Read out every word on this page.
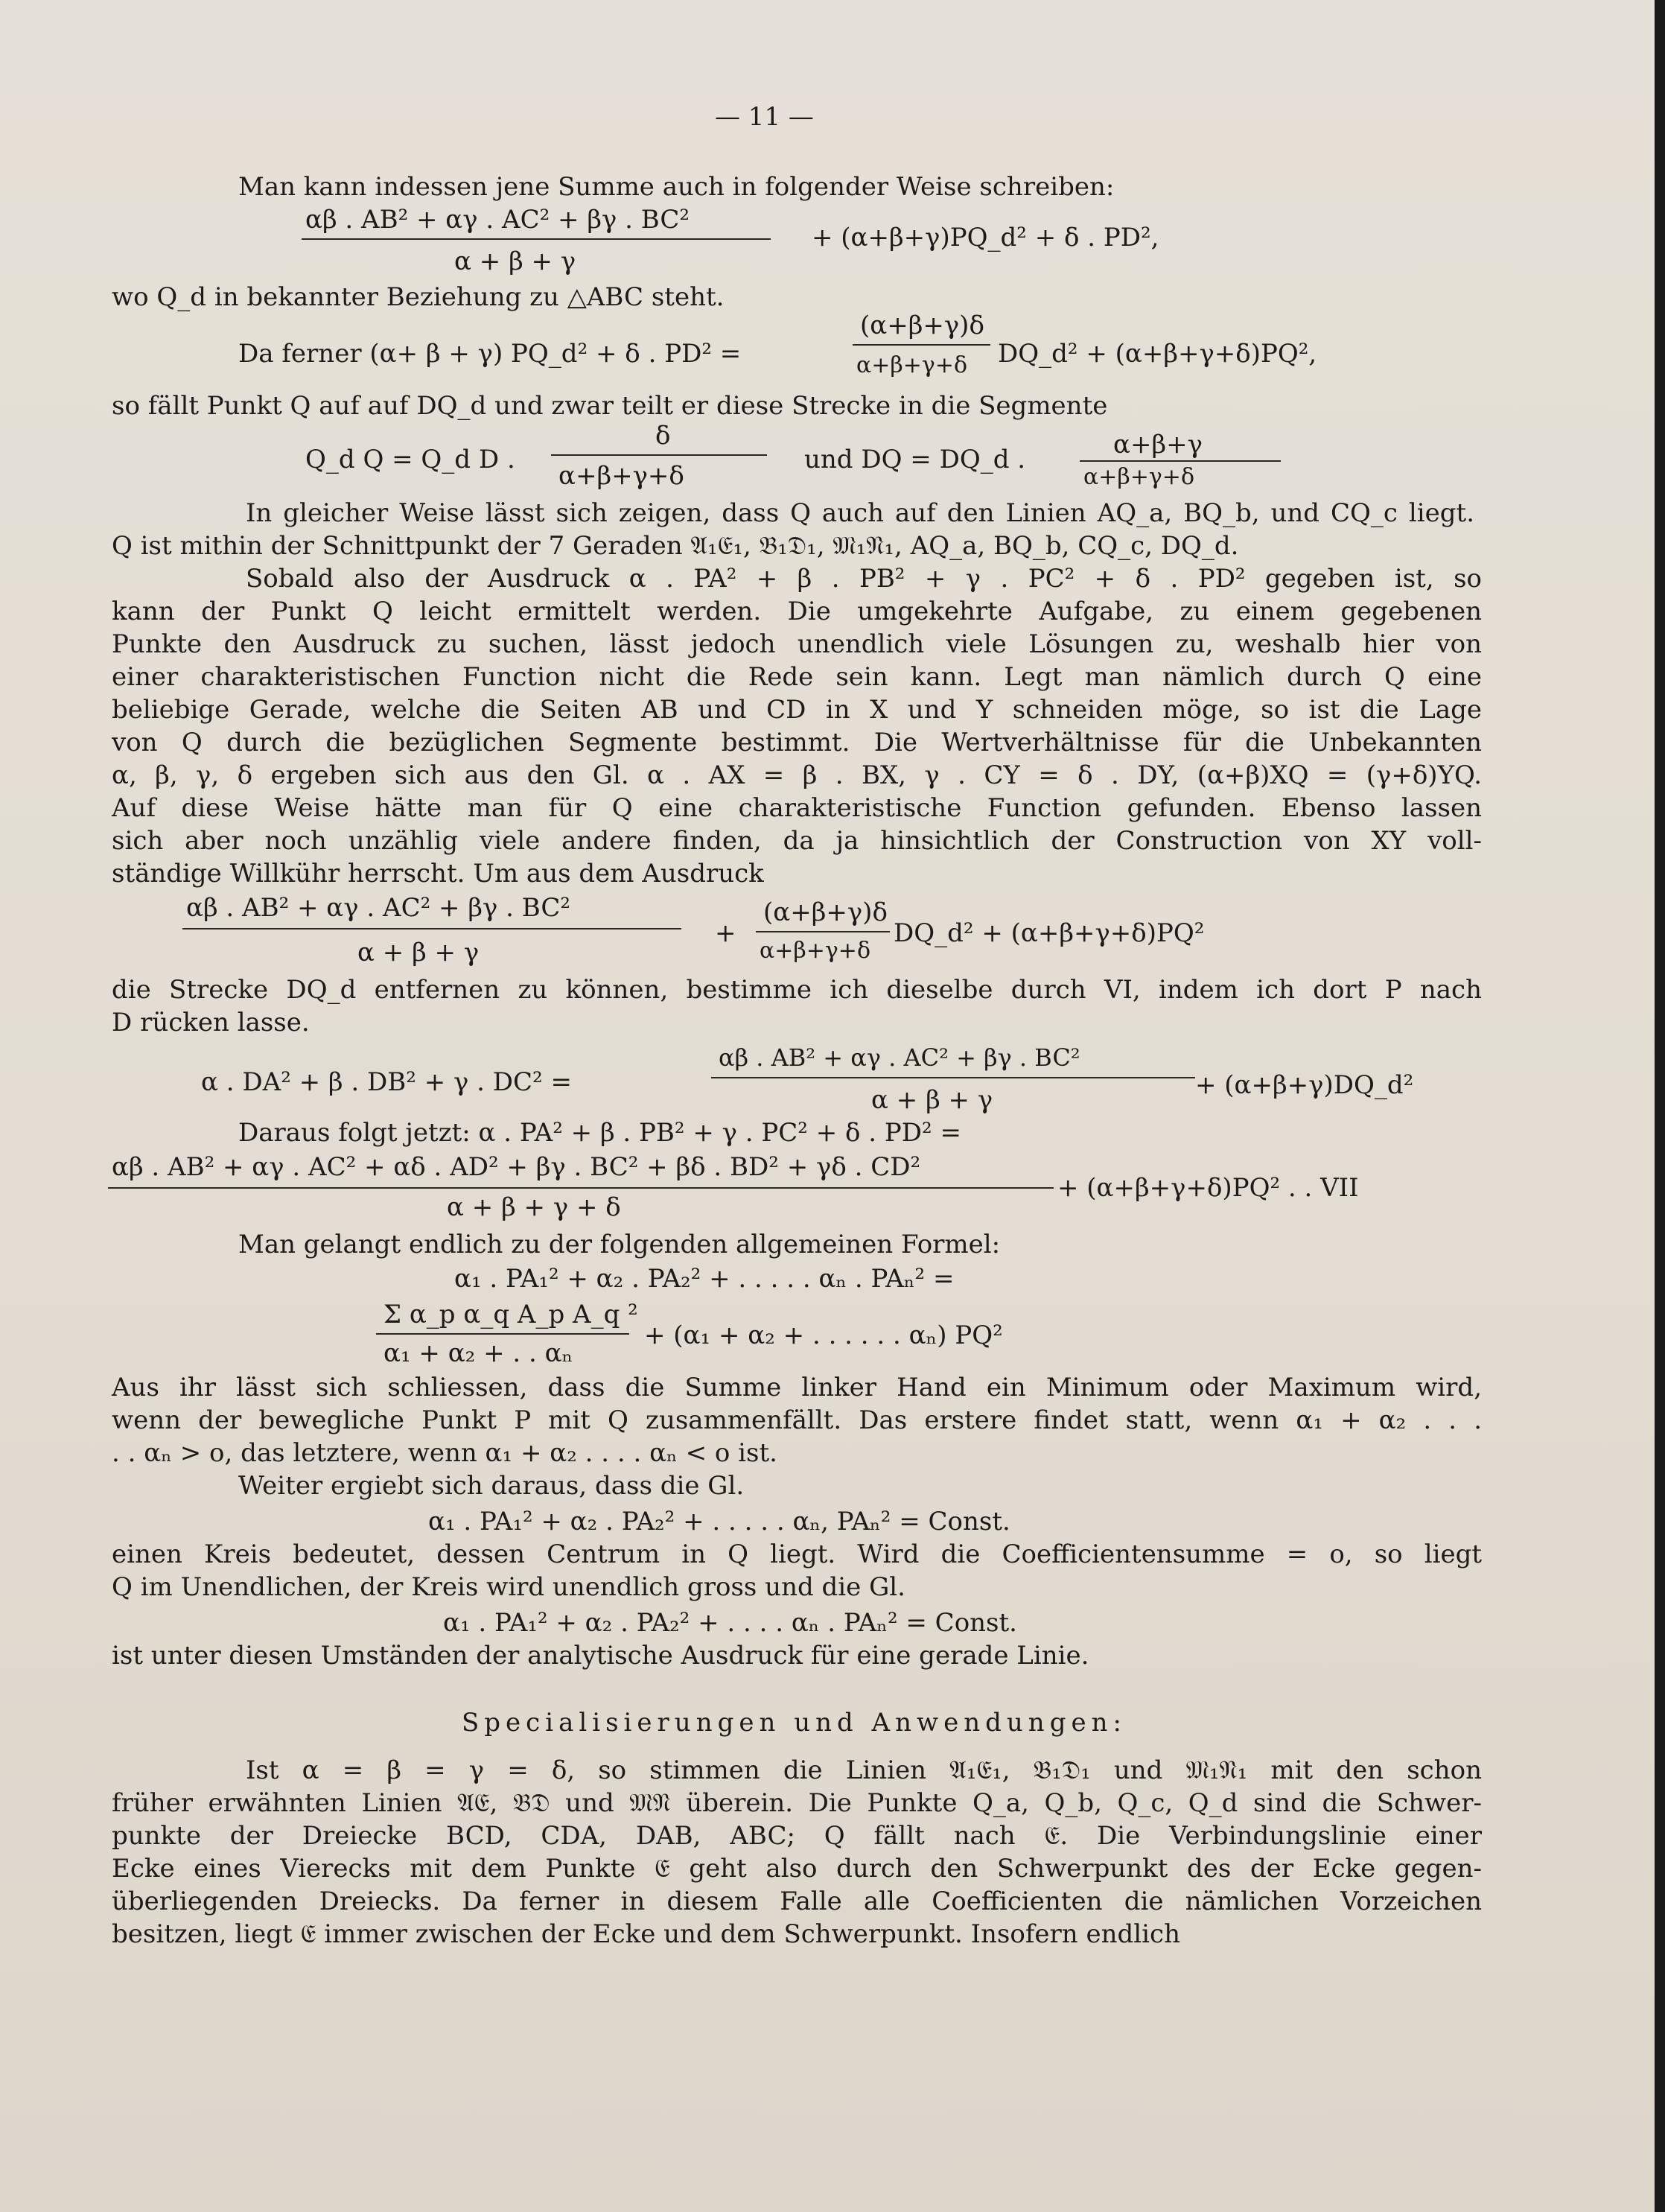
— 11 —
Man kann indessen jene Summe auch in folgender Weise schreiben:
αβ . AB² + αγ . AC² + βγ . BC²
+ (α+β+γ)PQ_d² + δ . PD²,
α + β + γ
wo Q_d in bekannter Beziehung zu △ABC steht.
Da ferner (α+ β + γ) PQ_d² + δ . PD² =
(α+β+γ)δ
DQ_d² + (α+β+γ+δ)PQ²,
α+β+γ+δ
so fällt Punkt Q auf auf DQ_d und zwar teilt er diese Strecke in die Segmente
Q_d Q = Q_d D .
δ
α+β+γ+δ
und DQ = DQ_d .	α+β+γ
α+β+γ+δ
In gleicher Weise lässt sich zeigen, dass Q auch auf den Linien AQ_a, BQ_b, und CQ_c liegt.
Q ist mithin der Schnittpunkt der 7 Geraden 𝔄₁𝔈₁, 𝔅₁𝔇₁, 𝔐₁𝔑₁, AQ_a, BQ_b, CQ_c, DQ_d.
Sobald also der Ausdruck α . PA² + β . PB² + γ . PC² + δ . PD² gegeben ist, so
kann der Punkt Q leicht ermittelt werden. Die umgekehrte Aufgabe, zu einem gegebenen
Punkte den Ausdruck zu suchen, lässt jedoch unendlich viele Lösungen zu, weshalb hier von
einer charakteristischen Function nicht die Rede sein kann. Legt man nämlich durch Q eine
beliebige Gerade, welche die Seiten AB und CD in X und Y schneiden möge, so ist die Lage
von Q durch die bezüglichen Segmente bestimmt. Die Wertverhältnisse für die Unbekannten
α, β, γ, δ ergeben sich aus den Gl. α . AX = β . BX, γ . CY = δ . DY, (α+β)XQ = (γ+δ)YQ.
Auf diese Weise hätte man für Q eine charakteristische Function gefunden. Ebenso lassen
sich aber noch unzählig viele andere finden, da ja hinsichtlich der Construction von XY voll-
ständige Willkühr herrscht. Um aus dem Ausdruck
αβ . AB² + αγ . AC² + βγ . BC²
+
(α+β+γ)δ
DQ_d² + (α+β+γ+δ)PQ²
α + β + γ	α+β+γ+δ
die Strecke DQ_d entfernen zu können, bestimme ich dieselbe durch VI, indem ich dort P nach
D rücken lasse.
α . DA² + β . DB² + γ . DC² =
αβ . AB² + αγ . AC² + βγ . BC²
+ (α+β+γ)DQ_d²
α + β + γ
Daraus folgt jetzt: α . PA² + β . PB² + γ . PC² + δ . PD² =
αβ . AB² + αγ . AC² + αδ . AD² + βγ . BC² + βδ . BD² + γδ . CD²
+ (α+β+γ+δ)PQ² . . VII
α + β + γ + δ
Man gelangt endlich zu der folgenden allgemeinen Formel:
α₁ . PA₁² + α₂ . PA₂² + . . . . . αₙ . PAₙ² =
Σ α_p α_q A_p A_q ²
+ (α₁ + α₂ + . . . . . . αₙ) PQ²
α₁ + α₂ + . . αₙ
Aus ihr lässt sich schliessen, dass die Summe linker Hand ein Minimum oder Maximum wird,
wenn der bewegliche Punkt P mit Q zusammenfällt. Das erstere findet statt, wenn α₁ + α₂ . . .
. . αₙ > o, das letztere, wenn α₁ + α₂ . . . . αₙ < o ist.
Weiter ergiebt sich daraus, dass die Gl.
α₁ . PA₁² + α₂ . PA₂² + . . . . . αₙ, PAₙ² = Const.
einen Kreis bedeutet, dessen Centrum in Q liegt. Wird die Coefficientensumme = o, so liegt
Q im Unendlichen, der Kreis wird unendlich gross und die Gl.
α₁ . PA₁² + α₂ . PA₂² + . . . . αₙ . PAₙ² = Const.
ist unter diesen Umständen der analytische Ausdruck für eine gerade Linie.
Specialisierungen und Anwendungen:
Ist α = β = γ = δ, so stimmen die Linien 𝔄₁𝔈₁, 𝔅₁𝔇₁ und 𝔐₁𝔑₁ mit den schon
früher erwähnten Linien 𝔄𝔈, 𝔅𝔇 und 𝔐𝔑 überein. Die Punkte Q_a, Q_b, Q_c, Q_d sind die Schwer-
punkte der Dreiecke BCD, CDA, DAB, ABC; Q fällt nach 𝔈. Die Verbindungslinie einer
Ecke eines Vierecks mit dem Punkte 𝔈 geht also durch den Schwerpunkt des der Ecke gegen-
überliegenden Dreiecks. Da ferner in diesem Falle alle Coefficienten die nämlichen Vorzeichen
besitzen, liegt 𝔈 immer zwischen der Ecke und dem Schwerpunkt. Insofern endlich
